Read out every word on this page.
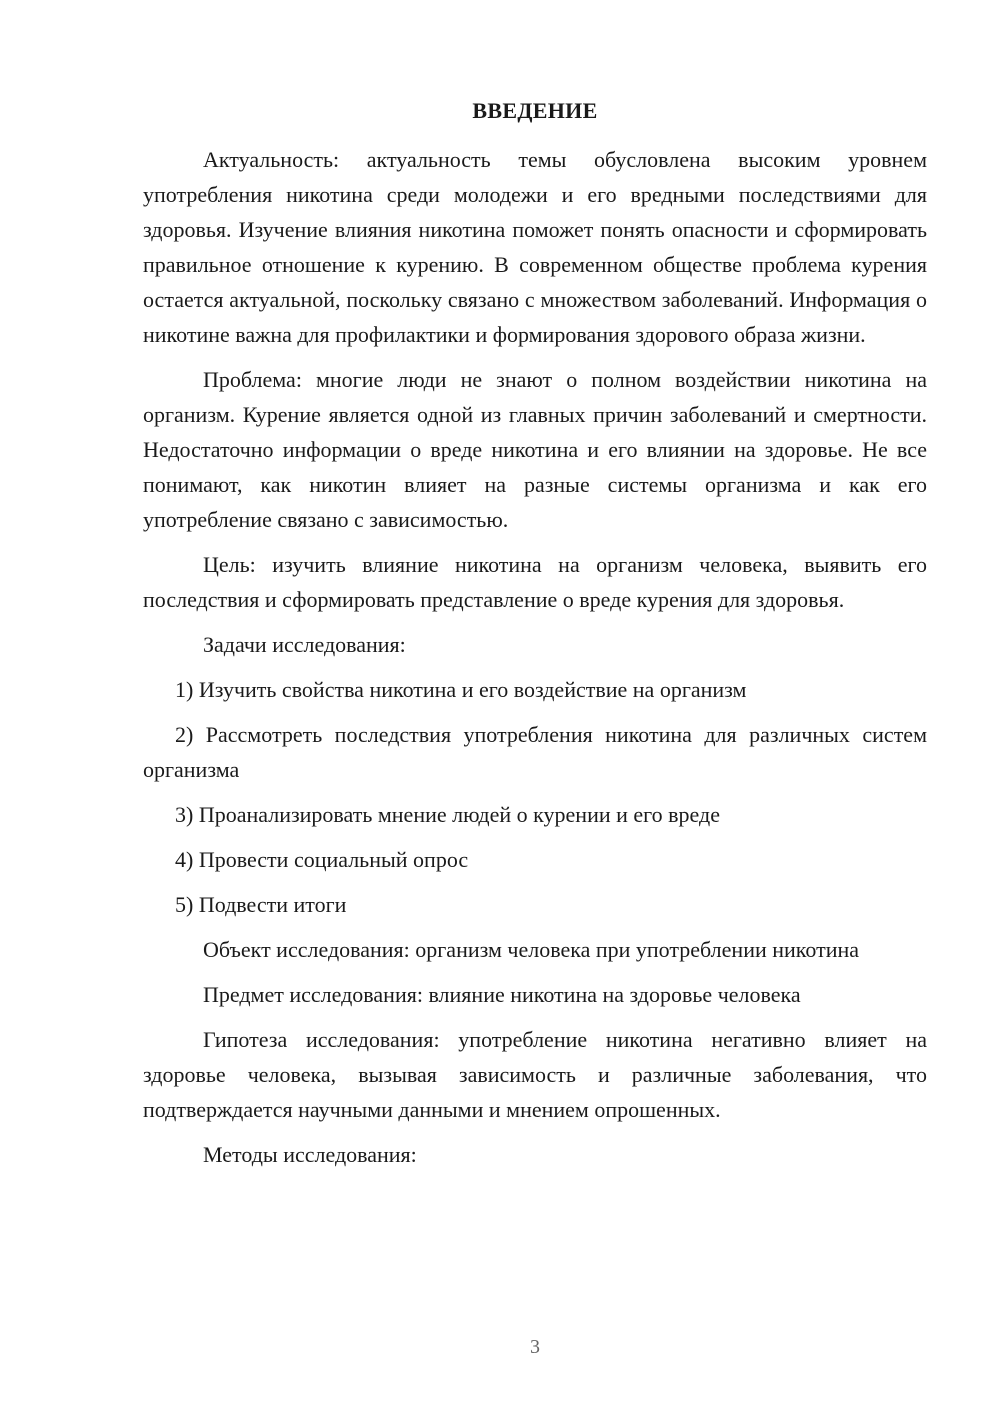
ВВЕДЕНИЕ

Актуальность: актуальность темы обусловлена высоким уровнем употребления никотина среди молодежи и его вредными последствиями для здоровья. Изучение влияния никотина поможет понять опасности и сформировать правильное отношение к курению. В современном обществе проблема курения остается актуальной, поскольку связано с множеством заболеваний. Информация о никотине важна для профилактики и формирования здорового образа жизни.

Проблема: многие люди не знают о полном воздействии никотина на организм. Курение является одной из главных причин заболеваний и смертности. Недостаточно информации о вреде никотина и его влиянии на здоровье. Не все понимают, как никотин влияет на разные системы организма и как его употребление связано с зависимостью.

Цель: изучить влияние никотина на организм человека, выявить его последствия и сформировать представление о вреде курения для здоровья.

Задачи исследования:

1) Изучить свойства никотина и его воздействие на организм

2) Рассмотреть последствия употребления никотина для различных систем организма

3) Проанализировать мнение людей о курении и его вреде

4) Провести социальный опрос

5) Подвести итоги

Объект исследования: организм человека при употреблении никотина

Предмет исследования: влияние никотина на здоровье человека

Гипотеза исследования: употребление никотина негативно влияет на здоровье человека, вызывая зависимость и различные заболевания, что подтверждается научными данными и мнением опрошенных.

Методы исследования:

3
